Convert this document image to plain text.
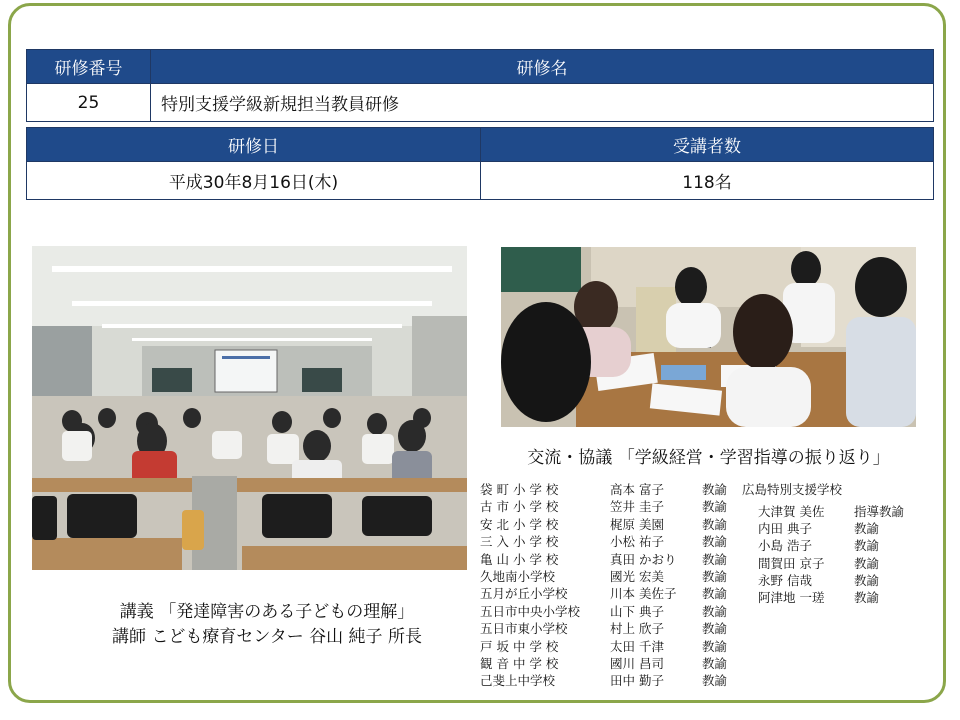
研修番号	研修名
25	特別支援学級新規担当教員研修
研修日	受講者数
平成30年8月16日(木)	118名
講義 「発達障害のある子どもの理解」
講師 こども療育センター 谷山 純子 所長
交流・協議 「学級経営・学習指導の振り返り」
袋 町 小 学 校	高本 富子	教諭
古 市 小 学 校	笠井 圭子	教諭
安 北 小 学 校	梶原 美園	教諭
三 入 小 学 校	小松 祐子	教諭
亀 山 小 学 校	真田 かおり 教諭
久地南小学校	國光 宏美	教諭
五月が丘小学校	川本 美佐子 教諭
五日市中央小学校 山下 典子	教諭
五日市東小学校	村上 欣子	教諭
戸 坂 中 学 校	太田 千津	教諭
観 音 中 学 校	國川 昌司	教諭
己斐上中学校	田中 勤子	教諭
広島特別支援学校
大津賀 美佐 指導教諭
内田 典子	教諭
小島 浩子	教諭
間賀田 京子 教諭
永野 信哉	教諭
阿津地 一瑳 教諭
